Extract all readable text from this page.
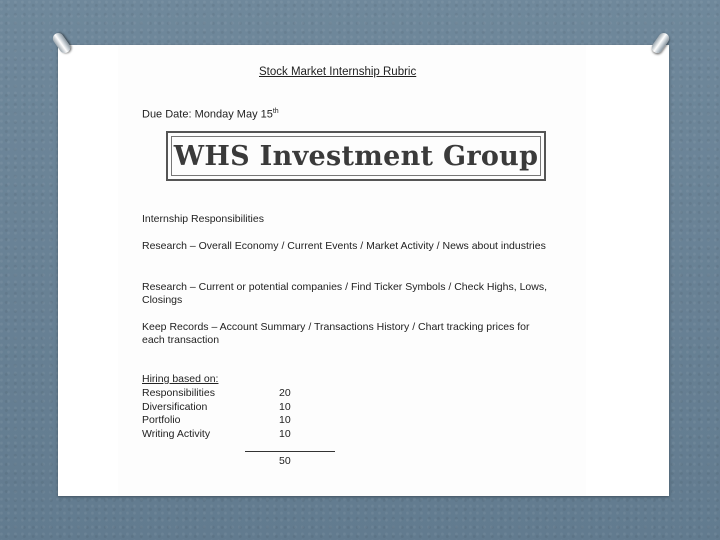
Stock Market Internship Rubric
Due Date: Monday May 15th
WHS Investment Group
Internship Responsibilities
Research – Overall Economy / Current Events / Market Activity / News about industries
Research – Current or potential companies / Find Ticker Symbols / Check Highs, Lows, Closings
Keep Records – Account Summary / Transactions History / Chart tracking prices for each transaction
Hiring based on:
Responsibilities	20
Diversification	10
Portfolio	10
Writing Activity	10
50
